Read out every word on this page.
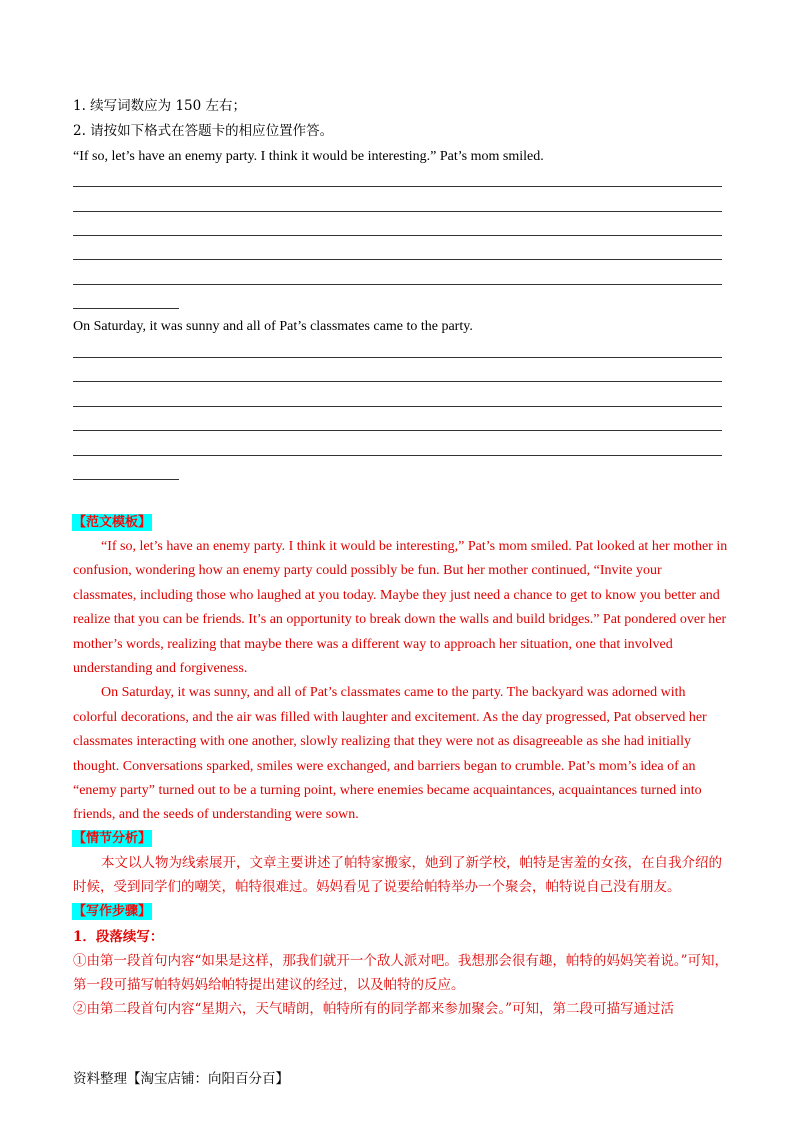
1. 续写词数应为 150 左右；
2. 请按如下格式在答题卡的相应位置作答。
“If so, let’s have an enemy party. I think it would be interesting.” Pat’s mom smiled.
On Saturday, it was sunny and all of Pat’s classmates came to the party.
【范文模板】

“If so, let’s have an enemy party. I think it would be interesting,” Pat’s mom smiled. Pat looked at her mother in confusion, wondering how an enemy party could possibly be fun. But her mother continued, “Invite your classmates, including those who laughed at you today. Maybe they just need a chance to get to know you better and realize that you can be friends. It’s an opportunity to break down the walls and build bridges.” Pat pondered over her mother’s words, realizing that maybe there was a different way to approach her situation, one that involved understanding and forgiveness.

On Saturday, it was sunny, and all of Pat’s classmates came to the party. The backyard was adorned with colorful decorations, and the air was filled with laughter and excitement. As the day progressed, Pat observed her classmates interacting with one another, slowly realizing that they were not as disagreeable as she had initially thought. Conversations sparked, smiles were exchanged, and barriers began to crumble. Pat’s mom’s idea of an “enemy party” turned out to be a turning point, where enemies became acquaintances, acquaintances turned into friends, and the seeds of understanding were sown.

【情节分析】

本文以人物为线索展开，文章主要讲述了帕特家搬家，她到了新学校，帕特是害羞的女孩，在自我介绍的时候，受到同学们的嘲笑，帕特很难过。妈妈看见了说要给帕特举办一个聚会，帕特说自己没有朋友。

【写作步骤】

1．段落续写：

①由第一段首句内容“如果是这样，那我们就开一个敌人派对吧。我想那会很有趣，帕特的妈妈笑着说。”可知，第一段可描写帕特妈妈给帕特提出建议的经过，以及帕特的反应。

②由第二段首句内容“星期六，天气晴朗，帕特所有的同学都来参加聚会。”可知，第二段可描写通过活

资料整理【淘宝店铺：向阳百分百】
